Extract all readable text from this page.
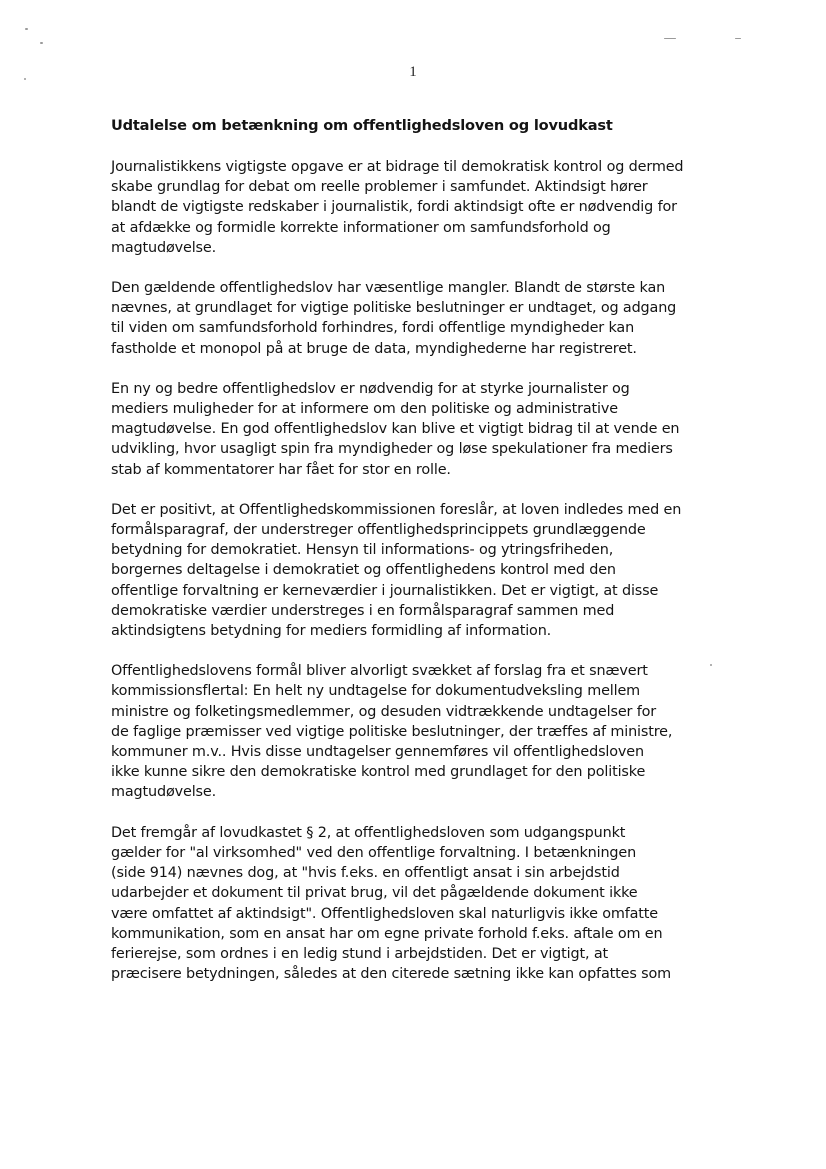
1
Udtalelse om betænkning om offentlighedsloven og lovudkast
Journalistikkens vigtigste opgave er at bidrage til demokratisk kontrol og dermed
skabe grundlag for debat om reelle problemer i samfundet. Aktindsigt hører
blandt de vigtigste redskaber i journalistik, fordi aktindsigt ofte er nødvendig for
at afdække og formidle korrekte informationer om samfundsforhold og
magtudøvelse.
Den gældende offentlighedslov har væsentlige mangler. Blandt de største kan
nævnes, at grundlaget for vigtige politiske beslutninger er undtaget, og adgang
til viden om samfundsforhold forhindres, fordi offentlige myndigheder kan
fastholde et monopol på at bruge de data, myndighederne har registreret.
En ny og bedre offentlighedslov er nødvendig for at styrke journalister og
mediers muligheder for at informere om den politiske og administrative
magtudøvelse. En god offentlighedslov kan blive et vigtigt bidrag til at vende en
udvikling, hvor usagligt spin fra myndigheder og løse spekulationer fra mediers
stab af kommentatorer har fået for stor en rolle.
Det er positivt, at Offentlighedskommissionen foreslår, at loven indledes med en
formålsparagraf, der understreger offentlighedsprincippets grundlæggende
betydning for demokratiet. Hensyn til informations- og ytringsfriheden,
borgernes deltagelse i demokratiet og offentlighedens kontrol med den
offentlige forvaltning er kerneværdier i journalistikken. Det er vigtigt, at disse
demokratiske værdier understreges i en formålsparagraf sammen med
aktindsigtens betydning for mediers formidling af information.
Offentlighedslovens formål bliver alvorligt svækket af forslag fra et snævert
kommissionsflertal: En helt ny undtagelse for dokumentudveksling mellem
ministre og folketingsmedlemmer, og desuden vidtrækkende undtagelser for
de faglige præmisser ved vigtige politiske beslutninger, der træffes af ministre,
kommuner m.v.. Hvis disse undtagelser gennemføres vil offentlighedsloven
ikke kunne sikre den demokratiske kontrol med grundlaget for den politiske
magtudøvelse.
Det fremgår af lovudkastet § 2, at offentlighedsloven som udgangspunkt
gælder for "al virksomhed" ved den offentlige forvaltning. I betænkningen
(side 914) nævnes dog, at "hvis f.eks. en offentligt ansat i sin arbejdstid
udarbejder et dokument til privat brug, vil det pågældende dokument ikke
være omfattet af aktindsigt". Offentlighedsloven skal naturligvis ikke omfatte
kommunikation, som en ansat har om egne private forhold f.eks. aftale om en
ferierejse, som ordnes i en ledig stund i arbejdstiden. Det er vigtigt, at
præcisere betydningen, således at den citerede sætning ikke kan opfattes som
